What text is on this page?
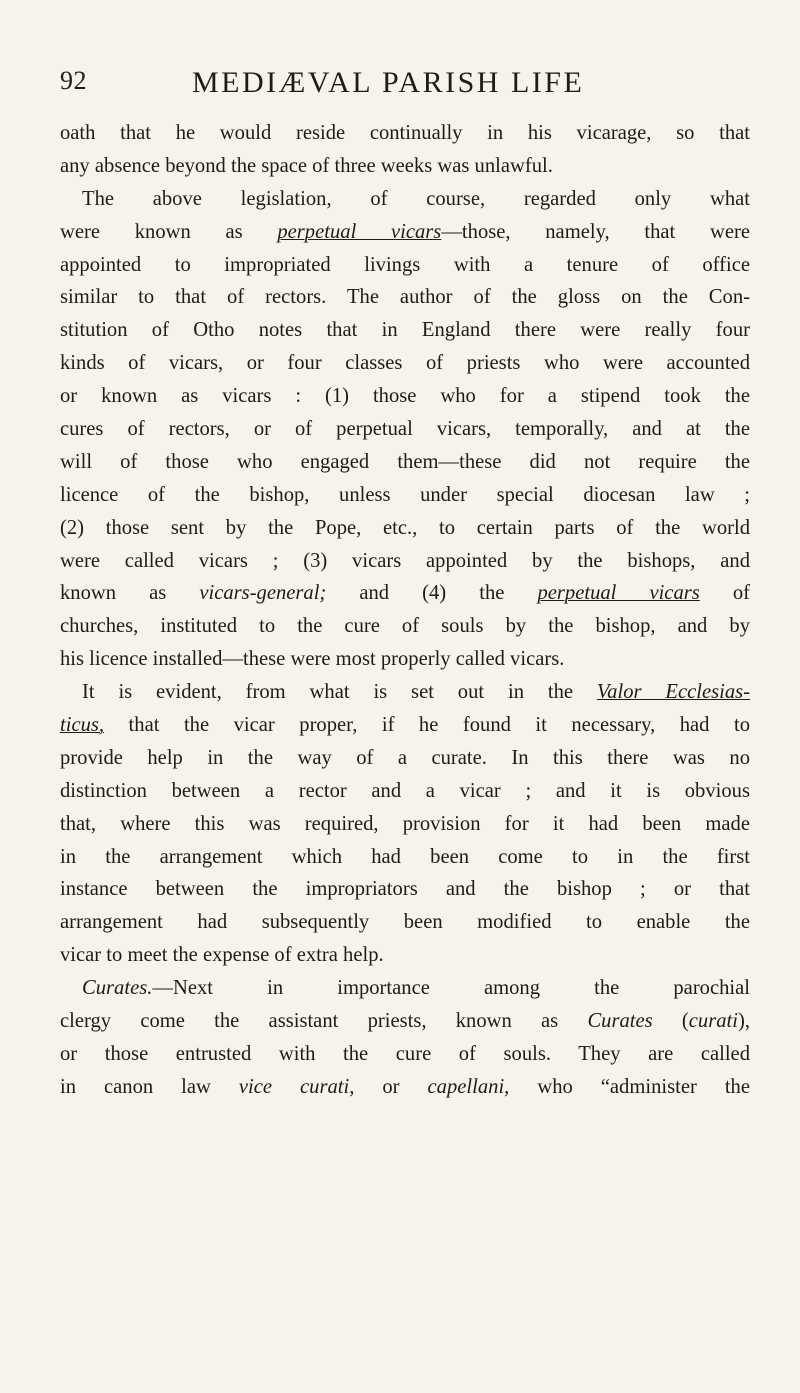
92	MEDIÆVAL PARISH LIFE
oath that he would reside continually in his vicarage, so that
any absence beyond the space of three weeks was unlawful.
The above legislation, of course, regarded only what
were known as perpetual vicars—those, namely, that were
appointed to impropriated livings with a tenure of office
similar to that of rectors. The author of the gloss on the Con-
stitution of Otho notes that in England there were really four
kinds of vicars, or four classes of priests who were accounted
or known as vicars : (1) those who for a stipend took the
cures of rectors, or of perpetual vicars, temporally, and at the
will of those who engaged them—these did not require the
licence of the bishop, unless under special diocesan law ;
(2) those sent by the Pope, etc., to certain parts of the world
were called vicars ; (3) vicars appointed by the bishops, and
known as vicars-general; and (4) the perpetual vicars of
churches, instituted to the cure of souls by the bishop, and by
his licence installed—these were most properly called vicars.
It is evident, from what is set out in the Valor Ecclesias-
ticus, that the vicar proper, if he found it necessary, had to
provide help in the way of a curate. In this there was no
distinction between a rector and a vicar ; and it is obvious
that, where this was required, provision for it had been made
in the arrangement which had been come to in the first
instance between the impropriators and the bishop ; or that
arrangement had subsequently been modified to enable the
vicar to meet the expense of extra help.
Curates.—Next in importance among the parochial
clergy come the assistant priests, known as Curates (curati),
or those entrusted with the cure of souls. They are called
in canon law vice curati, or capellani, who “administer the
